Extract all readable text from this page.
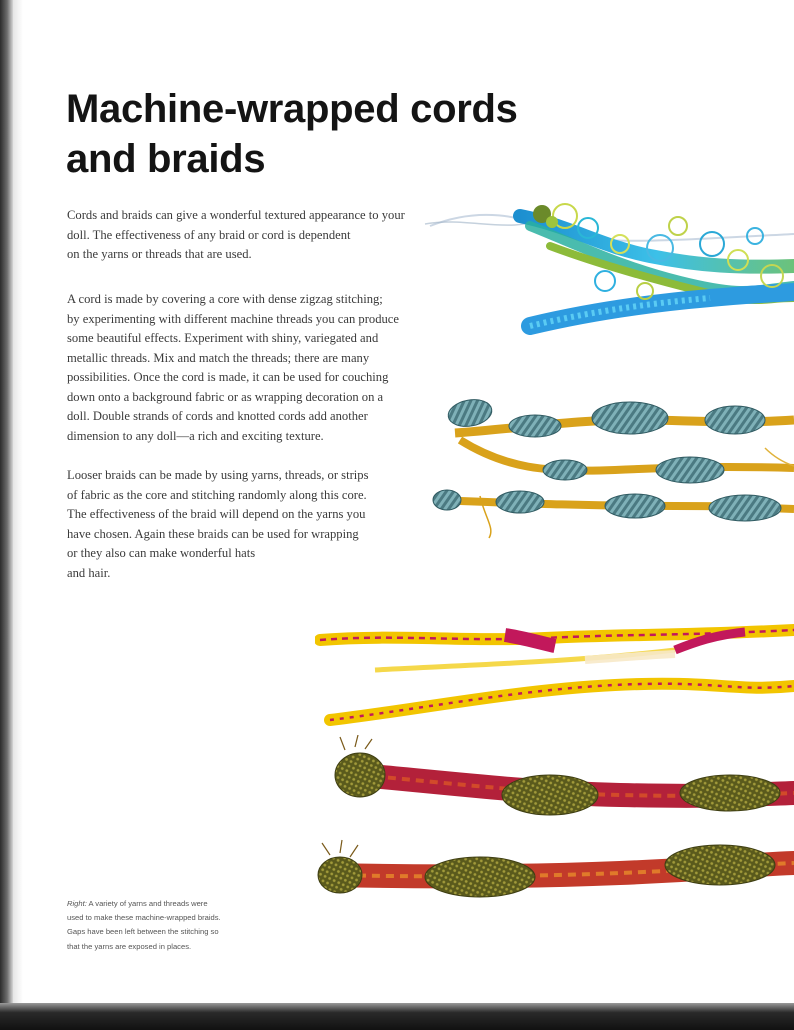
Machine-wrapped cords
and braids

Cords and braids can give a wonderful textured appearance to your
doll. The effectiveness of any braid or cord is dependent
on the yarns or threads that are used.

A cord is made by covering a core with dense zigzag stitching;
by experimenting with different machine threads you can produce
some beautiful effects. Experiment with shiny, variegated and
metallic threads. Mix and match the threads; there are many
possibilities. Once the cord is made, it can be used for couching
down onto a background fabric or as wrapping decoration on a
doll. Double strands of cords and knotted cords add another
dimension to any doll—a rich and exciting texture.

Looser braids can be made by using yarns, threads, or strips
of fabric as the core and stitching randomly along this core.
The effectiveness of the braid will depend on the yarns you
have chosen. Again these braids can be used for wrapping
or they also can make wonderful hats
and hair.

Right: A variety of yarns and threads were
used to make these machine-wrapped braids.
Gaps have been left between the stitching so
that the yarns are exposed in places.
